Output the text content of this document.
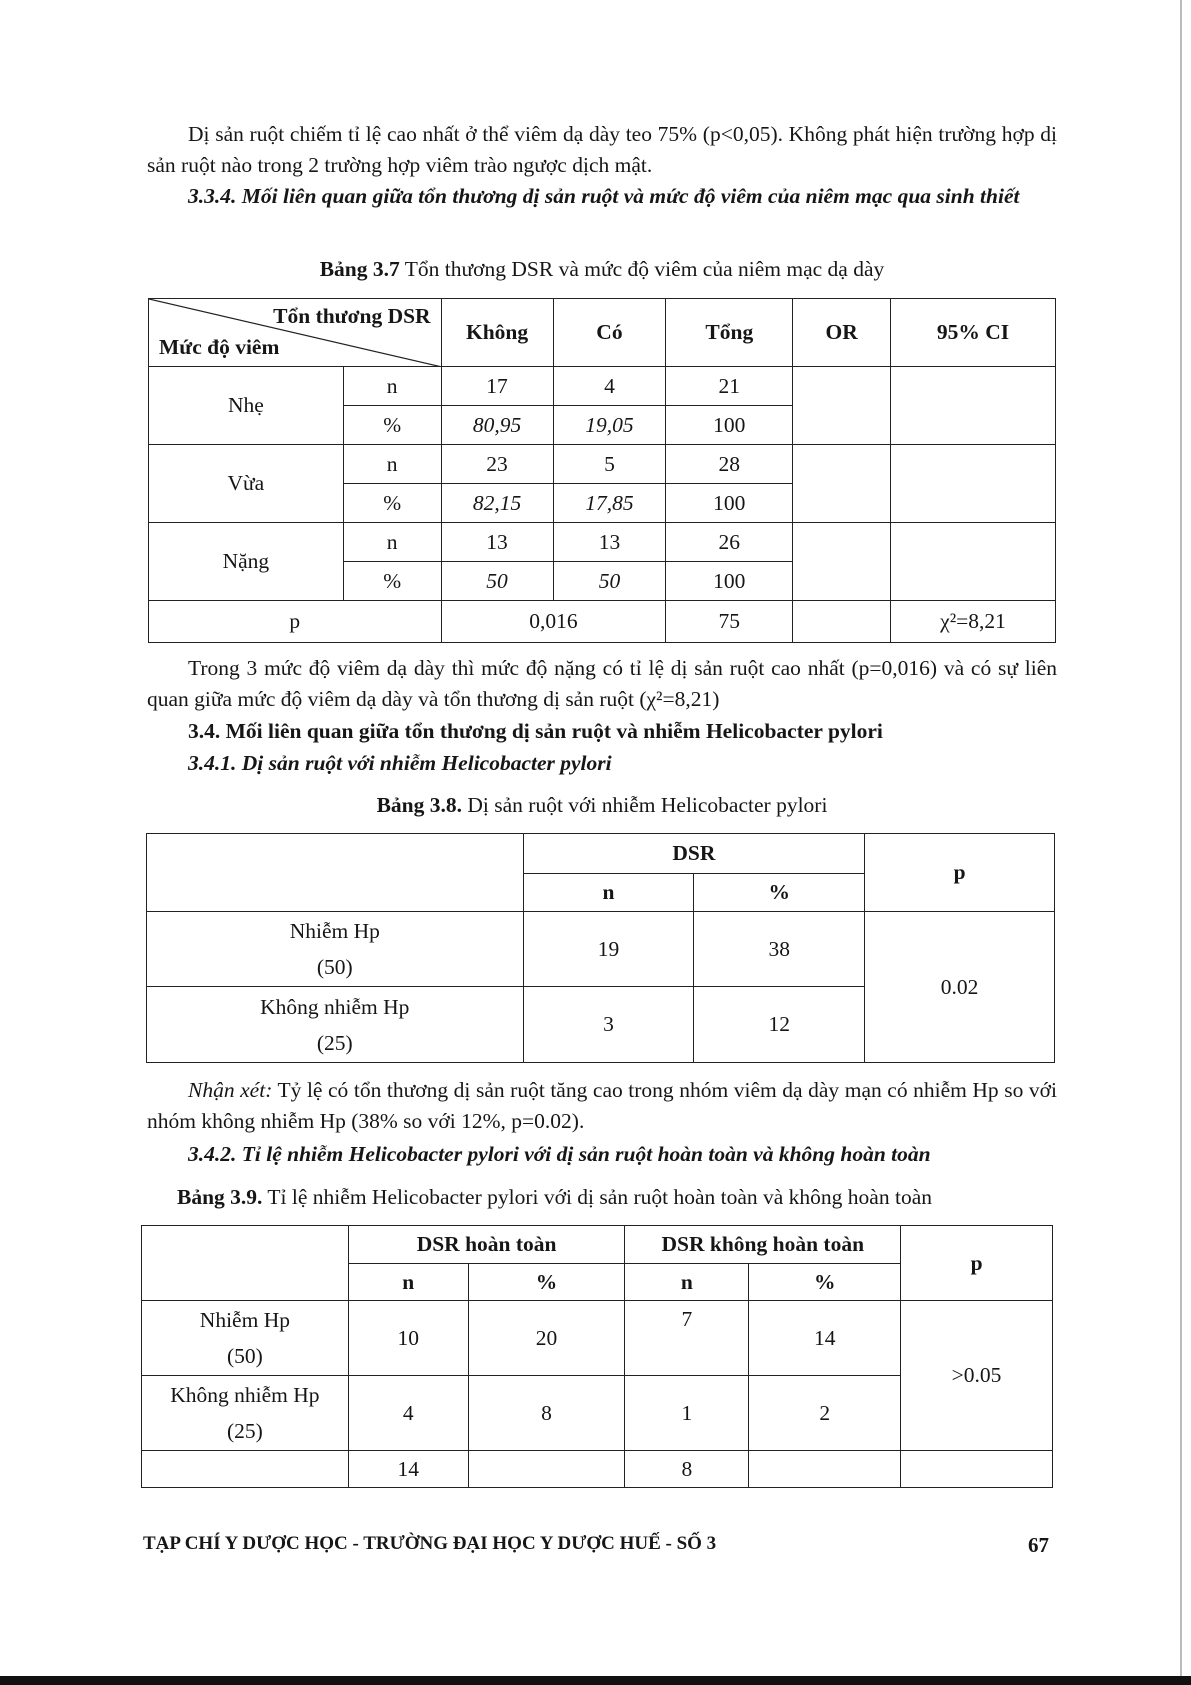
Dị sản ruột chiếm tỉ lệ cao nhất ở thể viêm dạ dày teo 75% (p<0,05). Không phát hiện trường hợp dị sản ruột nào trong 2 trường hợp viêm trào ngược dịch mật.
3.3.4. Mối liên quan giữa tổn thương dị sản ruột và mức độ viêm của niêm mạc qua sinh thiết
Bảng 3.7 Tổn thương DSR và mức độ viêm của niêm mạc dạ dày
Tổn thương DSR
Mức độ viêm		Không	Có	Tổng	OR	95% CI
Nhẹ	n	17	4	21		
	%	80,95	19,05	100		
Vừa	n	23	5	28		
	%	82,15	17,85	100		
Nặng	n	13	13	26		
	%	50	50	100		
p		0,016		75		χ²=8,21
Trong 3 mức độ viêm dạ dày thì mức độ nặng có tỉ lệ dị sản ruột cao nhất (p=0,016) và có sự liên quan giữa mức độ viêm dạ dày và tổn thương dị sản ruột (χ²=8,21)
3.4. Mối liên quan giữa tổn thương dị sản ruột và nhiễm Helicobacter pylori
3.4.1. Dị sản ruột với nhiễm Helicobacter pylori
Bảng 3.8. Dị sản ruột với nhiễm Helicobacter pylori
	DSR		p
	n	%	

Nhiễm Hp
(50)	19	38	0.02

Không nhiễm Hp
(25)	3	12	
Nhận xét: Tỷ lệ có tổn thương dị sản ruột tăng cao trong nhóm viêm dạ dày mạn có nhiễm Hp so với nhóm không nhiễm Hp (38% so với 12%, p=0.02).
3.4.2. Tỉ lệ nhiễm Helicobacter pylori với dị sản ruột hoàn toàn và không hoàn toàn
Bảng 3.9. Tỉ lệ nhiễm Helicobacter pylori với dị sản ruột hoàn toàn và không hoàn toàn
	DSR hoàn toàn		DSR không hoàn toàn		p
	n	%	n	%	

Nhiễm Hp
(50)	10	20	7	14	>0.05

Không nhiễm Hp
(25)	4	8	1	2	
	14		8		
TẠP CHÍ Y DƯỢC HỌC - TRƯỜNG ĐẠI HỌC Y DƯỢC HUẾ - SỐ 3	67
